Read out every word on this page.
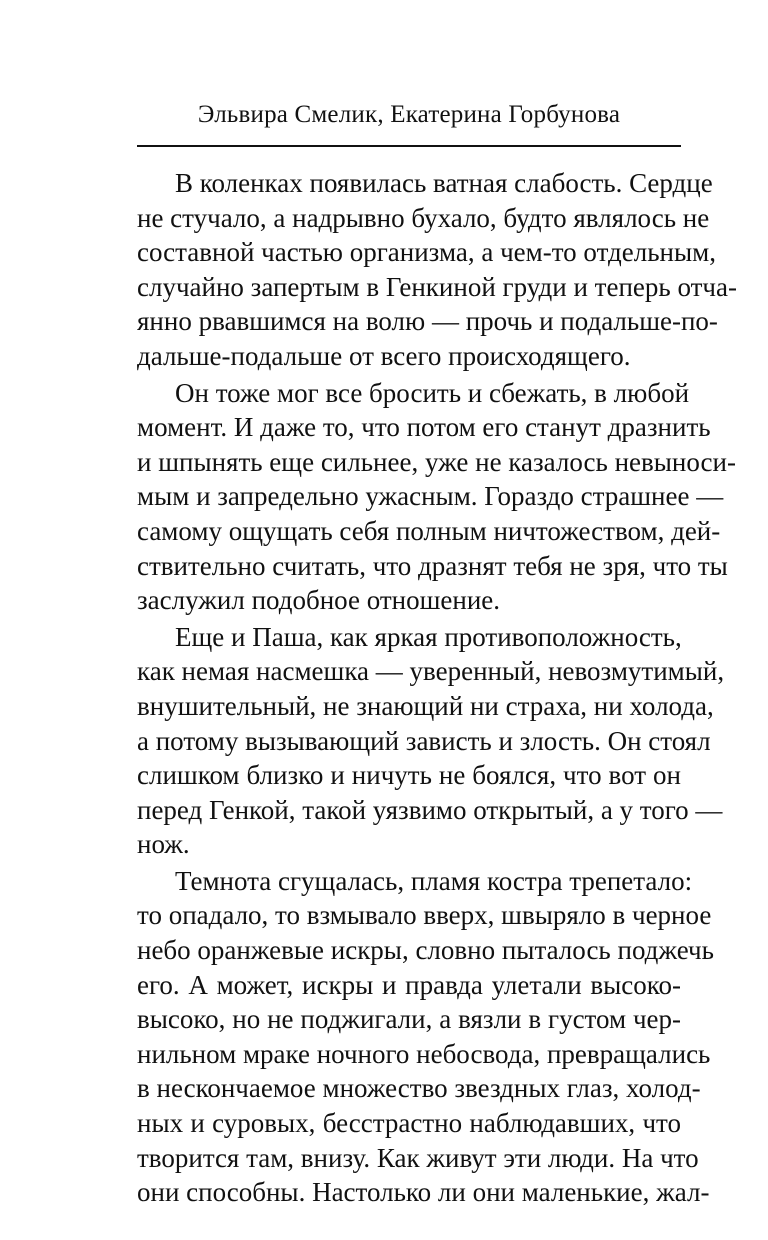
Эльвира Смелик, Екатерина Горбунова
В коленках появилась ватная слабость. Сердце
не стучало, а надрывно бухало, будто являлось не
составной частью организма, а чем-то отдельным,
случайно запертым в Генкиной груди и теперь отча-
янно рвавшимся на волю — прочь и подальше-по-
дальше-подальше от всего происходящего.
Он тоже мог все бросить и сбежать, в любой
момент. И даже то, что потом его станут дразнить
и шпынять еще сильнее, уже не казалось невыноси-
мым и запредельно ужасным. Гораздо страшнее —
самому ощущать себя полным ничтожеством, дей-
ствительно считать, что дразнят тебя не зря, что ты
заслужил подобное отношение.
Еще и Паша, как яркая противоположность,
как немая насмешка — уверенный, невозмутимый,
внушительный, не знающий ни страха, ни холода,
а потому вызывающий зависть и злость. Он стоял
слишком близко и ничуть не боялся, что вот он
перед Генкой, такой уязвимо открытый, а у того —
нож.
Темнота сгущалась, пламя костра трепетало:
то опадало, то взмывало вверх, швыряло в черное
небо оранжевые искры, словно пыталось поджечь
его. А может, искры и правда улетали высоко-
высоко, но не поджигали, а вязли в густом чер-
нильном мраке ночного небосвода, превращались
в нескончаемое множество звездных глаз, холод-
ных и суровых, бесстрастно наблюдавших, что
творится там, внизу. Как живут эти люди. На что
они способны. Настолько ли они маленькие, жал-
